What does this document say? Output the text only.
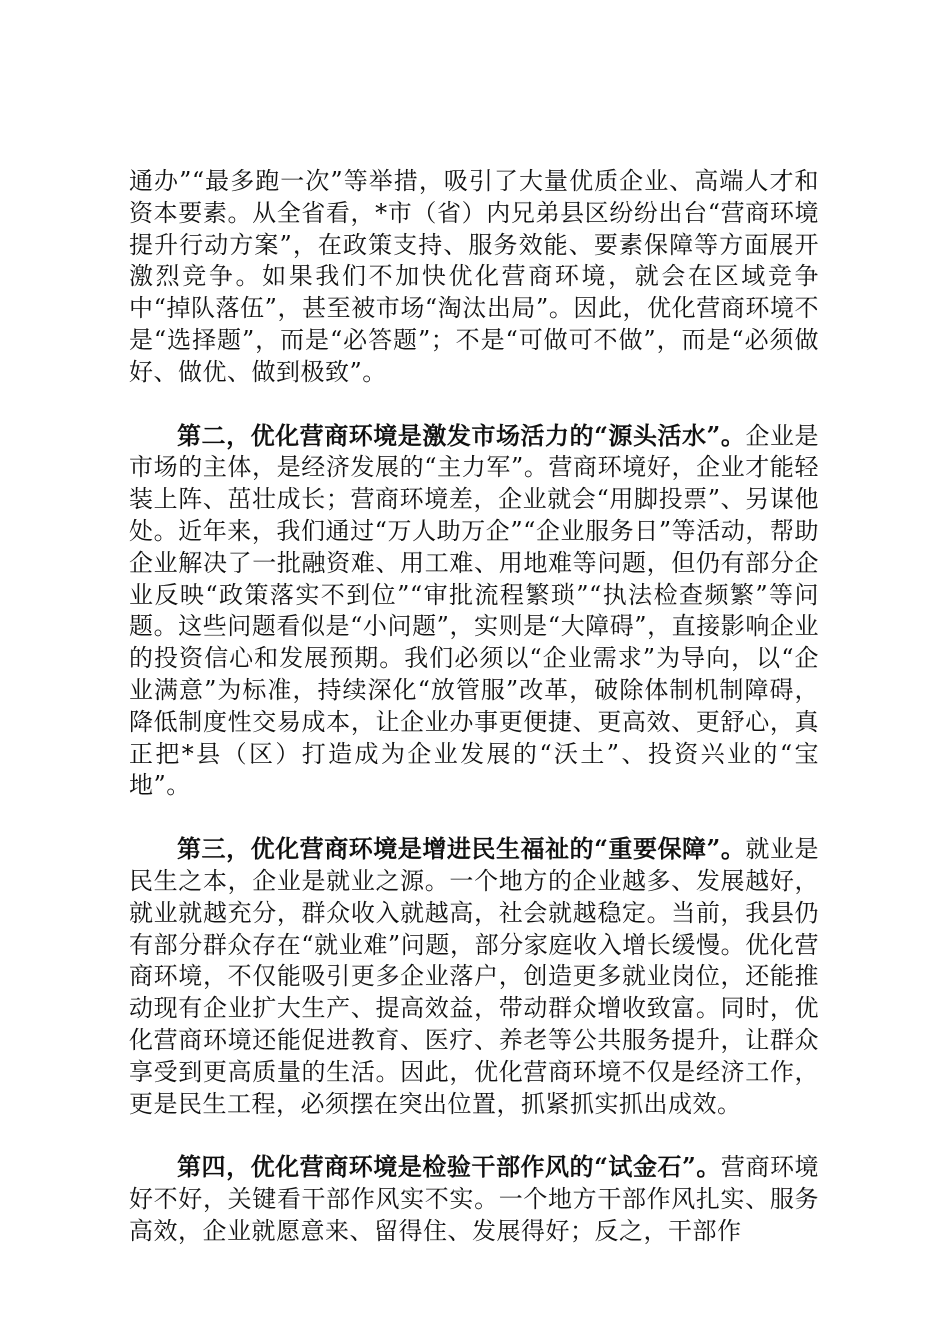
通办”“最多跑一次”等举措，吸引了大量优质企业、高端人才和资本要素。从全省看，*市（省）内兄弟县区纷纷出台“营商环境提升行动方案”，在政策支持、服务效能、要素保障等方面展开激烈竞争。如果我们不加快优化营商环境，就会在区域竞争中“掉队落伍”，甚至被市场“淘汰出局”。因此，优化营商环境不是“选择题”，而是“必答题”；不是“可做可不做”，而是“必须做好、做优、做到极致”。

第二，优化营商环境是激发市场活力的“源头活水”。企业是市场的主体，是经济发展的“主力军”。营商环境好，企业才能轻装上阵、茁壮成长；营商环境差，企业就会“用脚投票”、另谋他处。近年来，我们通过“万人助万企”“企业服务日”等活动，帮助企业解决了一批融资难、用工难、用地难等问题，但仍有部分企业反映“政策落实不到位”“审批流程繁琐”“执法检查频繁”等问题。这些问题看似是“小问题”，实则是“大障碍”，直接影响企业的投资信心和发展预期。我们必须以“企业需求”为导向，以“企业满意”为标准，持续深化“放管服”改革，破除体制机制障碍，降低制度性交易成本，让企业办事更便捷、更高效、更舒心，真正把*县（区）打造成为企业发展的“沃土”、投资兴业的“宝地”。

第三，优化营商环境是增进民生福祉的“重要保障”。就业是民生之本，企业是就业之源。一个地方的企业越多、发展越好，就业就越充分，群众收入就越高，社会就越稳定。当前，我县仍有部分群众存在“就业难”问题，部分家庭收入增长缓慢。优化营商环境，不仅能吸引更多企业落户，创造更多就业岗位，还能推动现有企业扩大生产、提高效益，带动群众增收致富。同时，优化营商环境还能促进教育、医疗、养老等公共服务提升，让群众享受到更高质量的生活。因此，优化营商环境不仅是经济工作，更是民生工程，必须摆在突出位置，抓紧抓实抓出成效。

第四，优化营商环境是检验干部作风的“试金石”。营商环境好不好，关键看干部作风实不实。一个地方干部作风扎实、服务高效，企业就愿意来、留得住、发展得好；反之，干部作
